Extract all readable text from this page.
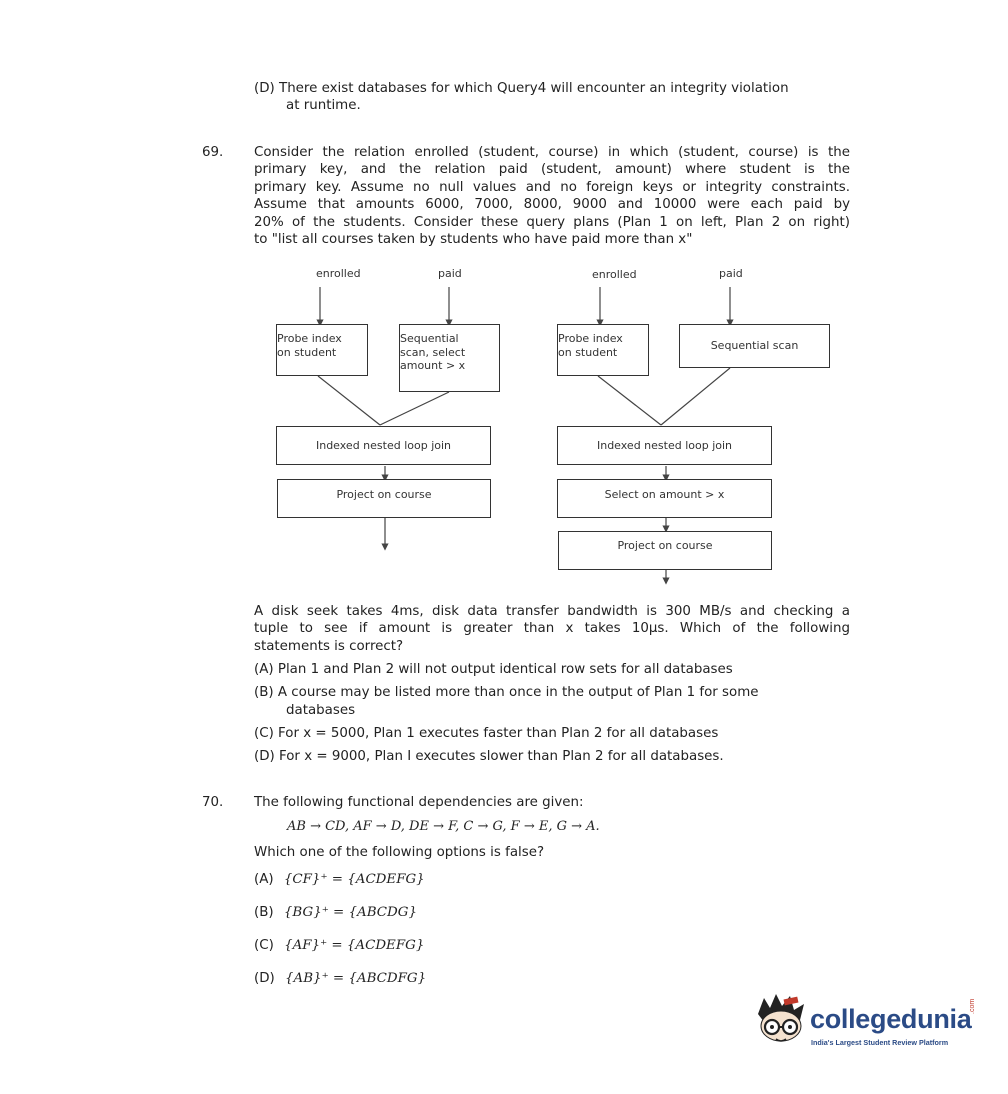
(D) There exist databases for which Query4 will encounter an integrity violation
at runtime.
69. Consider the relation enrolled (student, course) in which (student, course) is the
primary key, and the relation paid (student, amount) where student is the
primary key. Assume no null values and no foreign keys or integrity constraints.
Assume that amounts 6000, 7000, 8000, 9000 and 10000 were each paid by
20% of the students. Consider these query plans (Plan 1 on left, Plan 2 on right)
to "list all courses taken by students who have paid more than x"
enrolled	paid
Probe index
on student
Sequential
scan, select
amount > x
Indexed nested loop join
Project on course
enrolled	paid
Probe index
on student	Sequential scan
Indexed nested loop join
Select on amount > x
Project on course
A disk seek takes 4ms, disk data transfer bandwidth is 300 MB/s and checking a
tuple to see if amount is greater than x takes 10µs. Which of the following
statements is correct?
(A) Plan 1 and Plan 2 will not output identical row sets for all databases
(B) A course may be listed more than once in the output of Plan 1 for some
databases
(C) For x = 5000, Plan 1 executes faster than Plan 2 for all databases
(D) For x = 9000, Plan I executes slower than Plan 2 for all databases.
70. The following functional dependencies are given:
AB → CD, AF → D, DE → F, C → G, F → E, G → A.
Which one of the following options is false?
(A) {CF}⁺ = {ACDEFG}
(B) {BG}⁺ = {ABCDG}
(C) {AF}⁺ = {ACDEFG}
(D) {AB}⁺ = {ABCDFG}
collegedunia
.com
India's Largest Student Review Platform
